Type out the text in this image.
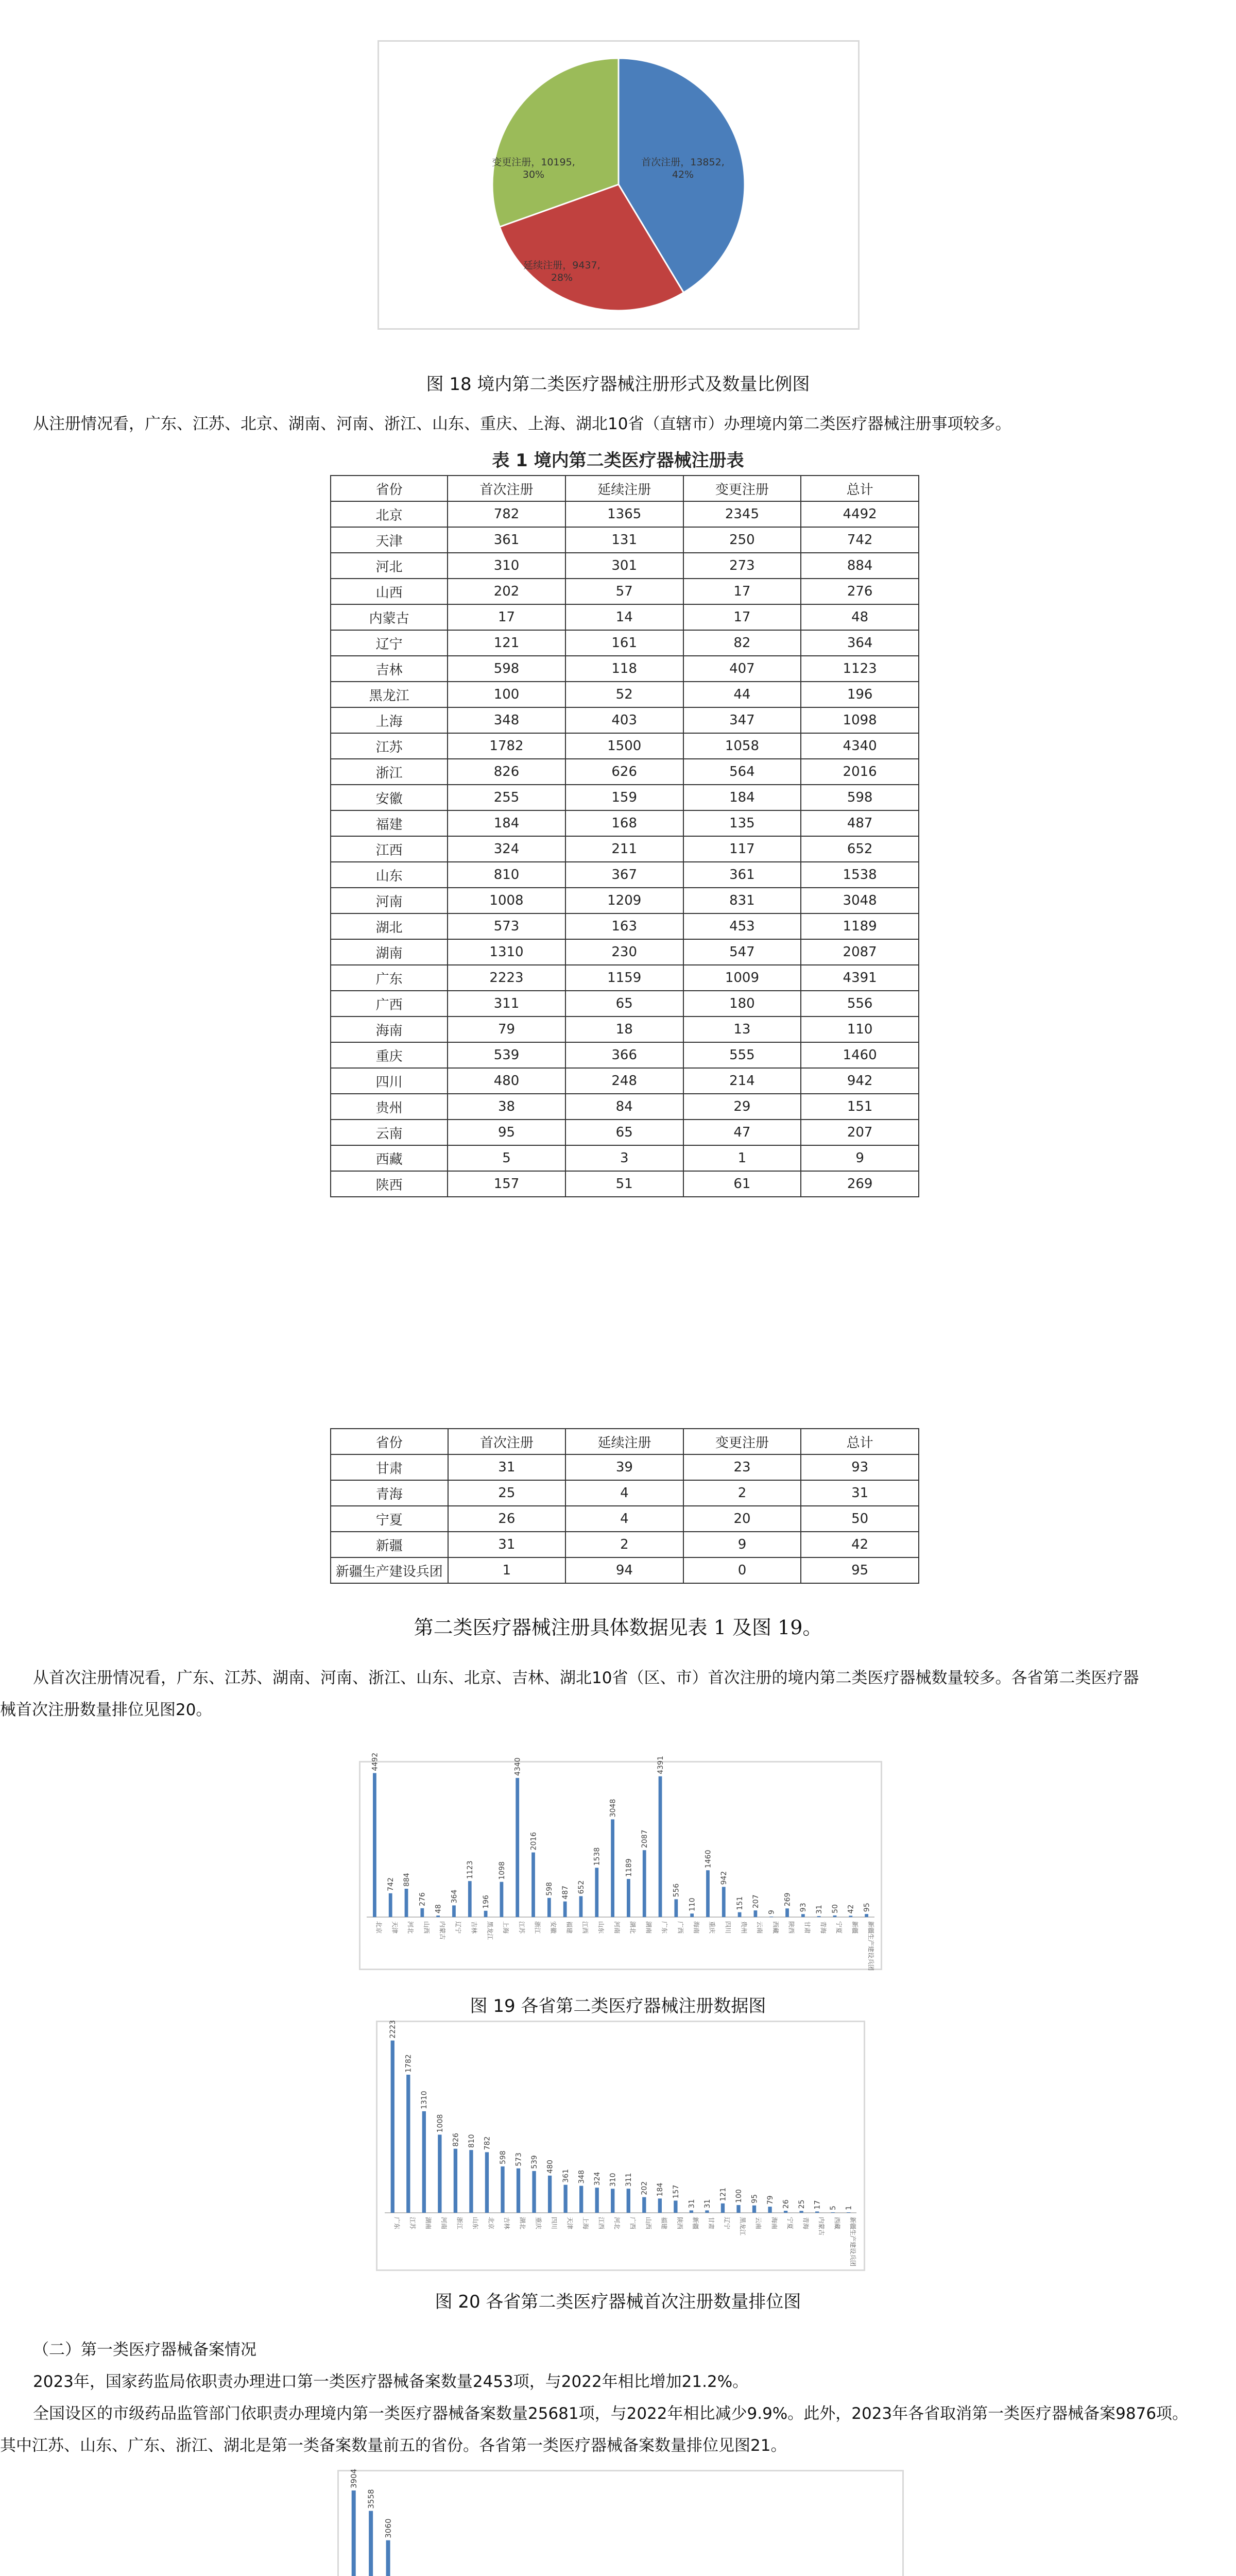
首次注册，13852, 42%
延续注册，9437, 28%
变更注册，10195, 30%
图 18 境内第二类医疗器械注册形式及数量比例图
从注册情况看，广东、江苏、北京、湖南、河南、浙江、山东、重庆、上海、湖北10省（直辖市）办理境内第二类医疗器械注册事项较多。
表 1 境内第二类医疗器械注册表
省份	首次注册	延续注册	变更注册	总计
北京	782	1365	2345	4492
天津	361	131	250	742
河北	310	301	273	884
山西	202	57	17	276
内蒙古	17	14	17	48
辽宁	121	161	82	364
吉林	598	118	407	1123
黑龙江	100	52	44	196
上海	348	403	347	1098
江苏	1782	1500	1058	4340
浙江	826	626	564	2016
安徽	255	159	184	598
福建	184	168	135	487
江西	324	211	117	652
山东	810	367	361	1538
河南	1008	1209	831	3048
湖北	573	163	453	1189
湖南	1310	230	547	2087
广东	2223	1159	1009	4391
广西	311	65	180	556
海南	79	18	13	110
重庆	539	366	555	1460
四川	480	248	214	942
贵州	38	84	29	151
云南	95	65	47	207
西藏	5	3	1	9
陕西	157	51	61	269
省份	首次注册	延续注册	变更注册	总计
甘肃	31	39	23	93
青海	25	4	2	31
宁夏	26	4	20	50
新疆	31	2	9	42
新疆生产建设兵团	1	94	0	95
第二类医疗器械注册具体数据见表 1 及图 19。
从首次注册情况看，广东、江苏、湖南、河南、浙江、山东、北京、吉林、湖北10省（区、市）首次注册的境内第二类医疗器械数量较多。各省第二类医疗器
械首次注册数量排位见图20。
4492
北京
742
天津
884
河北
276
山西
48
内蒙古
364
辽宁
1123
吉林
196
黑龙江
1098
上海
4340
江苏
2016
浙江
598
安徽
487
福建
652
江西
1538
山东
3048
河南
1189
湖北
2087
湖南
4391
广东
556
广西
110
海南
1460
重庆
942
四川
151
贵州
207
云南
9
西藏
269
陕西
93
甘肃
31
青海
50
宁夏
42
新疆
95
新疆生产建设兵团
图 19 各省第二类医疗器械注册数据图
2223
广东
1782
江苏
1310
湖南
1008
河南
826
浙江
810
山东
782
北京
598
吉林
573
湖北
539
重庆
480
四川
361
天津
348
上海
324
江西
310
河北
311
广西
202
山西
184
福建
157
陕西
31
新疆
31
甘肃
121
辽宁
100
黑龙江
95
云南
79
海南
26
宁夏
25
青海
17
内蒙古
5
西藏
1
新疆生产建设兵团
图 20 各省第二类医疗器械首次注册数量排位图
（二）第一类医疗器械备案情况
2023年，国家药监局依职责办理进口第一类医疗器械备案数量2453项，与2022年相比增加21.2%。
全国设区的市级药品监管部门依职责办理境内第一类医疗器械备案数量25681项，与2022年相比减少9.9%。此外，2023年各省取消第一类医疗器械备案9876项。
其中江苏、山东、广东、浙江、湖北是第一类备案数量前五的省份。各省第一类医疗器械备案数量排位见图21。
3904
3558
3060
